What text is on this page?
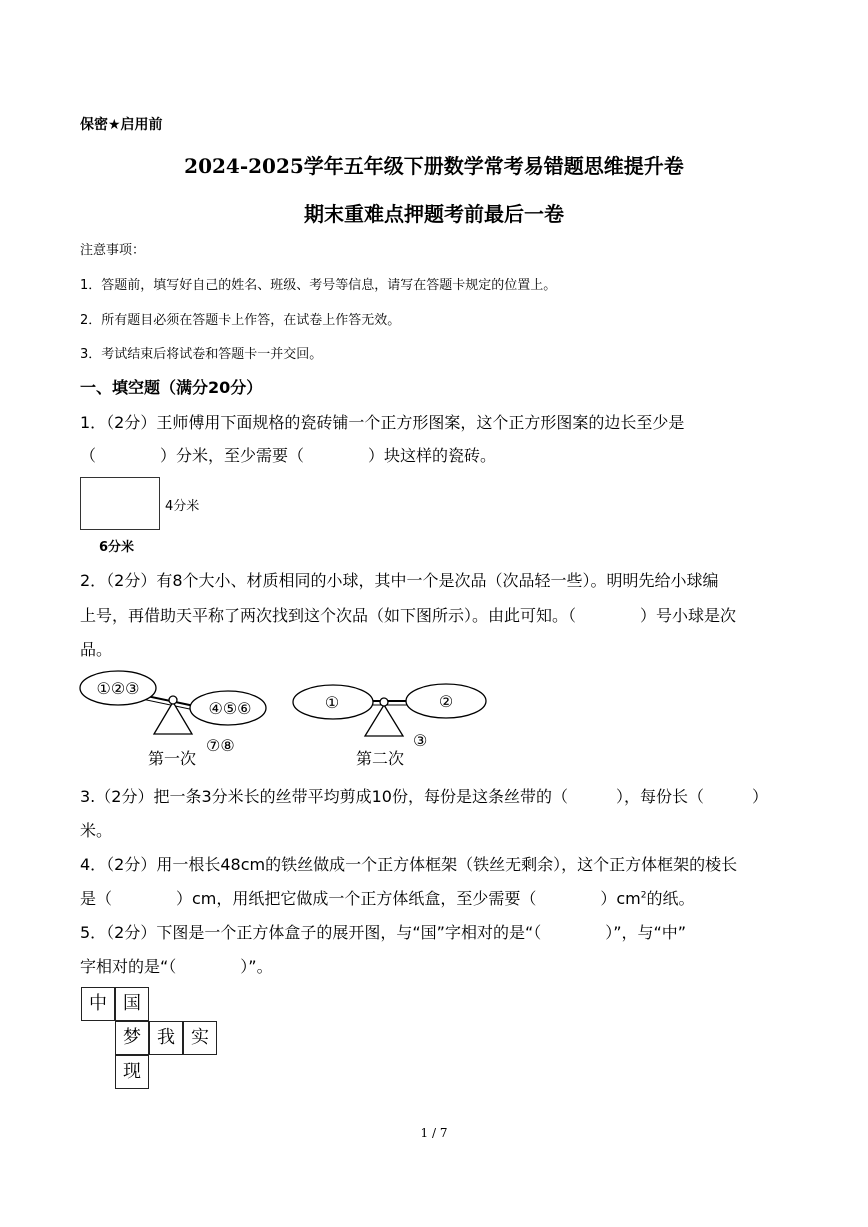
保密★启用前
2024-2025学年五年级下册数学常考易错题思维提升卷
期末重难点押题考前最后一卷
注意事项：
1．答题前，填写好自己的姓名、班级、考号等信息，请写在答题卡规定的位置上。
2．所有题目必须在答题卡上作答，在试卷上作答无效。
3．考试结束后将试卷和答题卡一并交回。
一、填空题（满分20分）
1．（2分）王师傅用下面规格的瓷砖铺一个正方形图案，这个正方形图案的边长至少是
（　　　　）分米，至少需要（　　　　）块这样的瓷砖。
4分米
6分米
2．（2分）有8个大小、材质相同的小球，其中一个是次品（次品轻一些）。明明先给小球编
上号，再借助天平称了两次找到这个次品（如下图所示）。由此可知。（　　　　）号小球是次
品。
①②③
④⑤⑥
第一次
⑦⑧
①	②
第二次
③
3.（2分）把一条3分米长的丝带平均剪成10份，每份是这条丝带的（　　　），每份长（　　　）
米。
4．（2分）用一根长48cm的铁丝做成一个正方体框架（铁丝无剩余），这个正方体框架的棱长
是（　　　　）cm，用纸把它做成一个正方体纸盒，至少需要（　　　　）$cm^2$的纸。
5．（2分）下图是一个正方体盒子的展开图，与“国”字相对的是“（　　　　）”，与“中”
字相对的是“（　　　　）”。
中 国
梦 我 实
现
1 / 7
